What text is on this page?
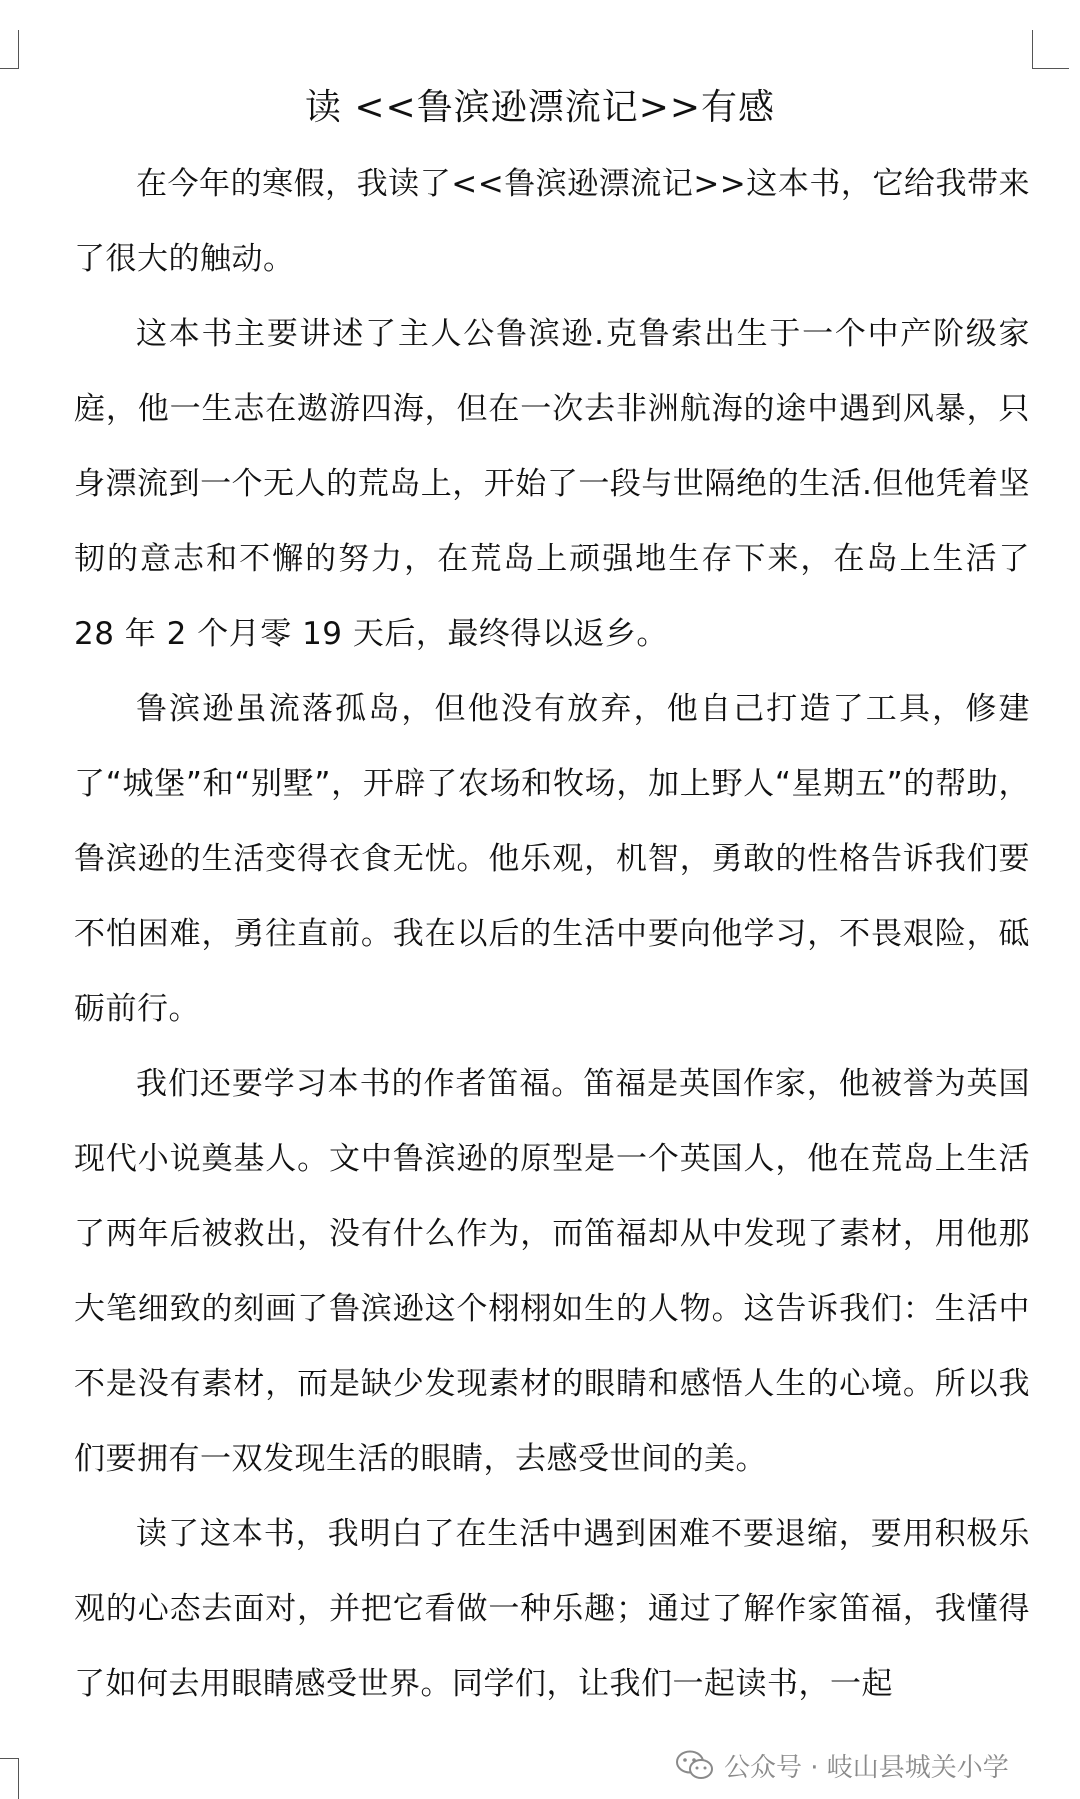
读 <<鲁滨逊漂流记>>有感

在今年的寒假，我读了<<鲁滨逊漂流记>>这本书，它给我带来了很大的触动。

这本书主要讲述了主人公鲁滨逊.克鲁索出生于一个中产阶级家庭，他一生志在遨游四海，但在一次去非洲航海的途中遇到风暴，只身漂流到一个无人的荒岛上，开始了一段与世隔绝的生活.但他凭着坚韧的意志和不懈的努力，在荒岛上顽强地生存下来，在岛上生活了 28 年 2 个月零 19 天后，最终得以返乡。

鲁滨逊虽流落孤岛，但他没有放弃，他自己打造了工具，修建了“城堡”和“别墅”，开辟了农场和牧场，加上野人“星期五”的帮助，鲁滨逊的生活变得衣食无忧。他乐观，机智，勇敢的性格告诉我们要不怕困难，勇往直前。我在以后的生活中要向他学习，不畏艰险，砥砺前行。

我们还要学习本书的作者笛福。笛福是英国作家，他被誉为英国现代小说奠基人。文中鲁滨逊的原型是一个英国人，他在荒岛上生活了两年后被救出，没有什么作为，而笛福却从中发现了素材，用他那大笔细致的刻画了鲁滨逊这个栩栩如生的人物。这告诉我们：生活中不是没有素材，而是缺少发现素材的眼睛和感悟人生的心境。所以我们要拥有一双发现生活的眼睛，去感受世间的美。

读了这本书，我明白了在生活中遇到困难不要退缩，要用积极乐观的心态去面对，并把它看做一种乐趣；通过了解作家笛福，我懂得了如何去用眼睛感受世界。同学们，让我们一起读书，一起

公众号 · 岐山县城关小学
